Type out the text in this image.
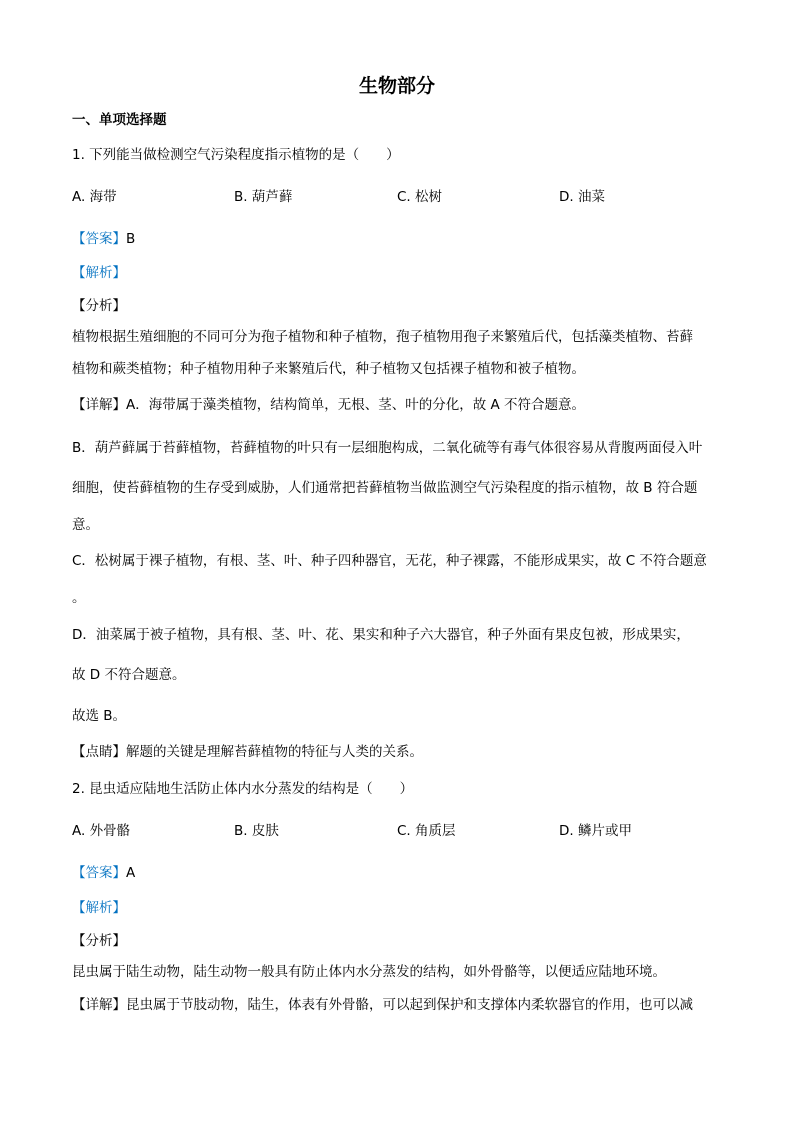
生物部分
一、单项选择题
1. 下列能当做检测空气污染程度指示植物的是（　　）
A. 海带	B. 葫芦藓	C. 松树	D. 油菜
【答案】B
【解析】
【分析】
植物根据生殖细胞的不同可分为孢子植物和种子植物，孢子植物用孢子来繁殖后代，包括藻类植物、苔藓
植物和蕨类植物；种子植物用种子来繁殖后代，种子植物又包括裸子植物和被子植物。
【详解】A．海带属于藻类植物，结构简单，无根、茎、叶的分化，故 A 不符合题意。
B．葫芦藓属于苔藓植物，苔藓植物的叶只有一层细胞构成，二氧化硫等有毒气体很容易从背腹两面侵入叶
细胞，使苔藓植物的生存受到威胁，人们通常把苔藓植物当做监测空气污染程度的指示植物，故 B 符合题
意。
C．松树属于裸子植物，有根、茎、叶、种子四种器官，无花，种子裸露，不能形成果实，故 C 不符合题意
。
D．油菜属于被子植物，具有根、茎、叶、花、果实和种子六大器官，种子外面有果皮包被，形成果实，
故 D 不符合题意。
故选 B。
【点睛】解题的关键是理解苔藓植物的特征与人类的关系。
2. 昆虫适应陆地生活防止体内水分蒸发的结构是（　　）
A. 外骨骼	B. 皮肤	C. 角质层	D. 鳞片或甲
【答案】A
【解析】
【分析】
昆虫属于陆生动物，陆生动物一般具有防止体内水分蒸发的结构，如外骨骼等，以便适应陆地环境。
【详解】昆虫属于节肢动物，陆生，体表有外骨骼，可以起到保护和支撑体内柔软器官的作用，也可以减
